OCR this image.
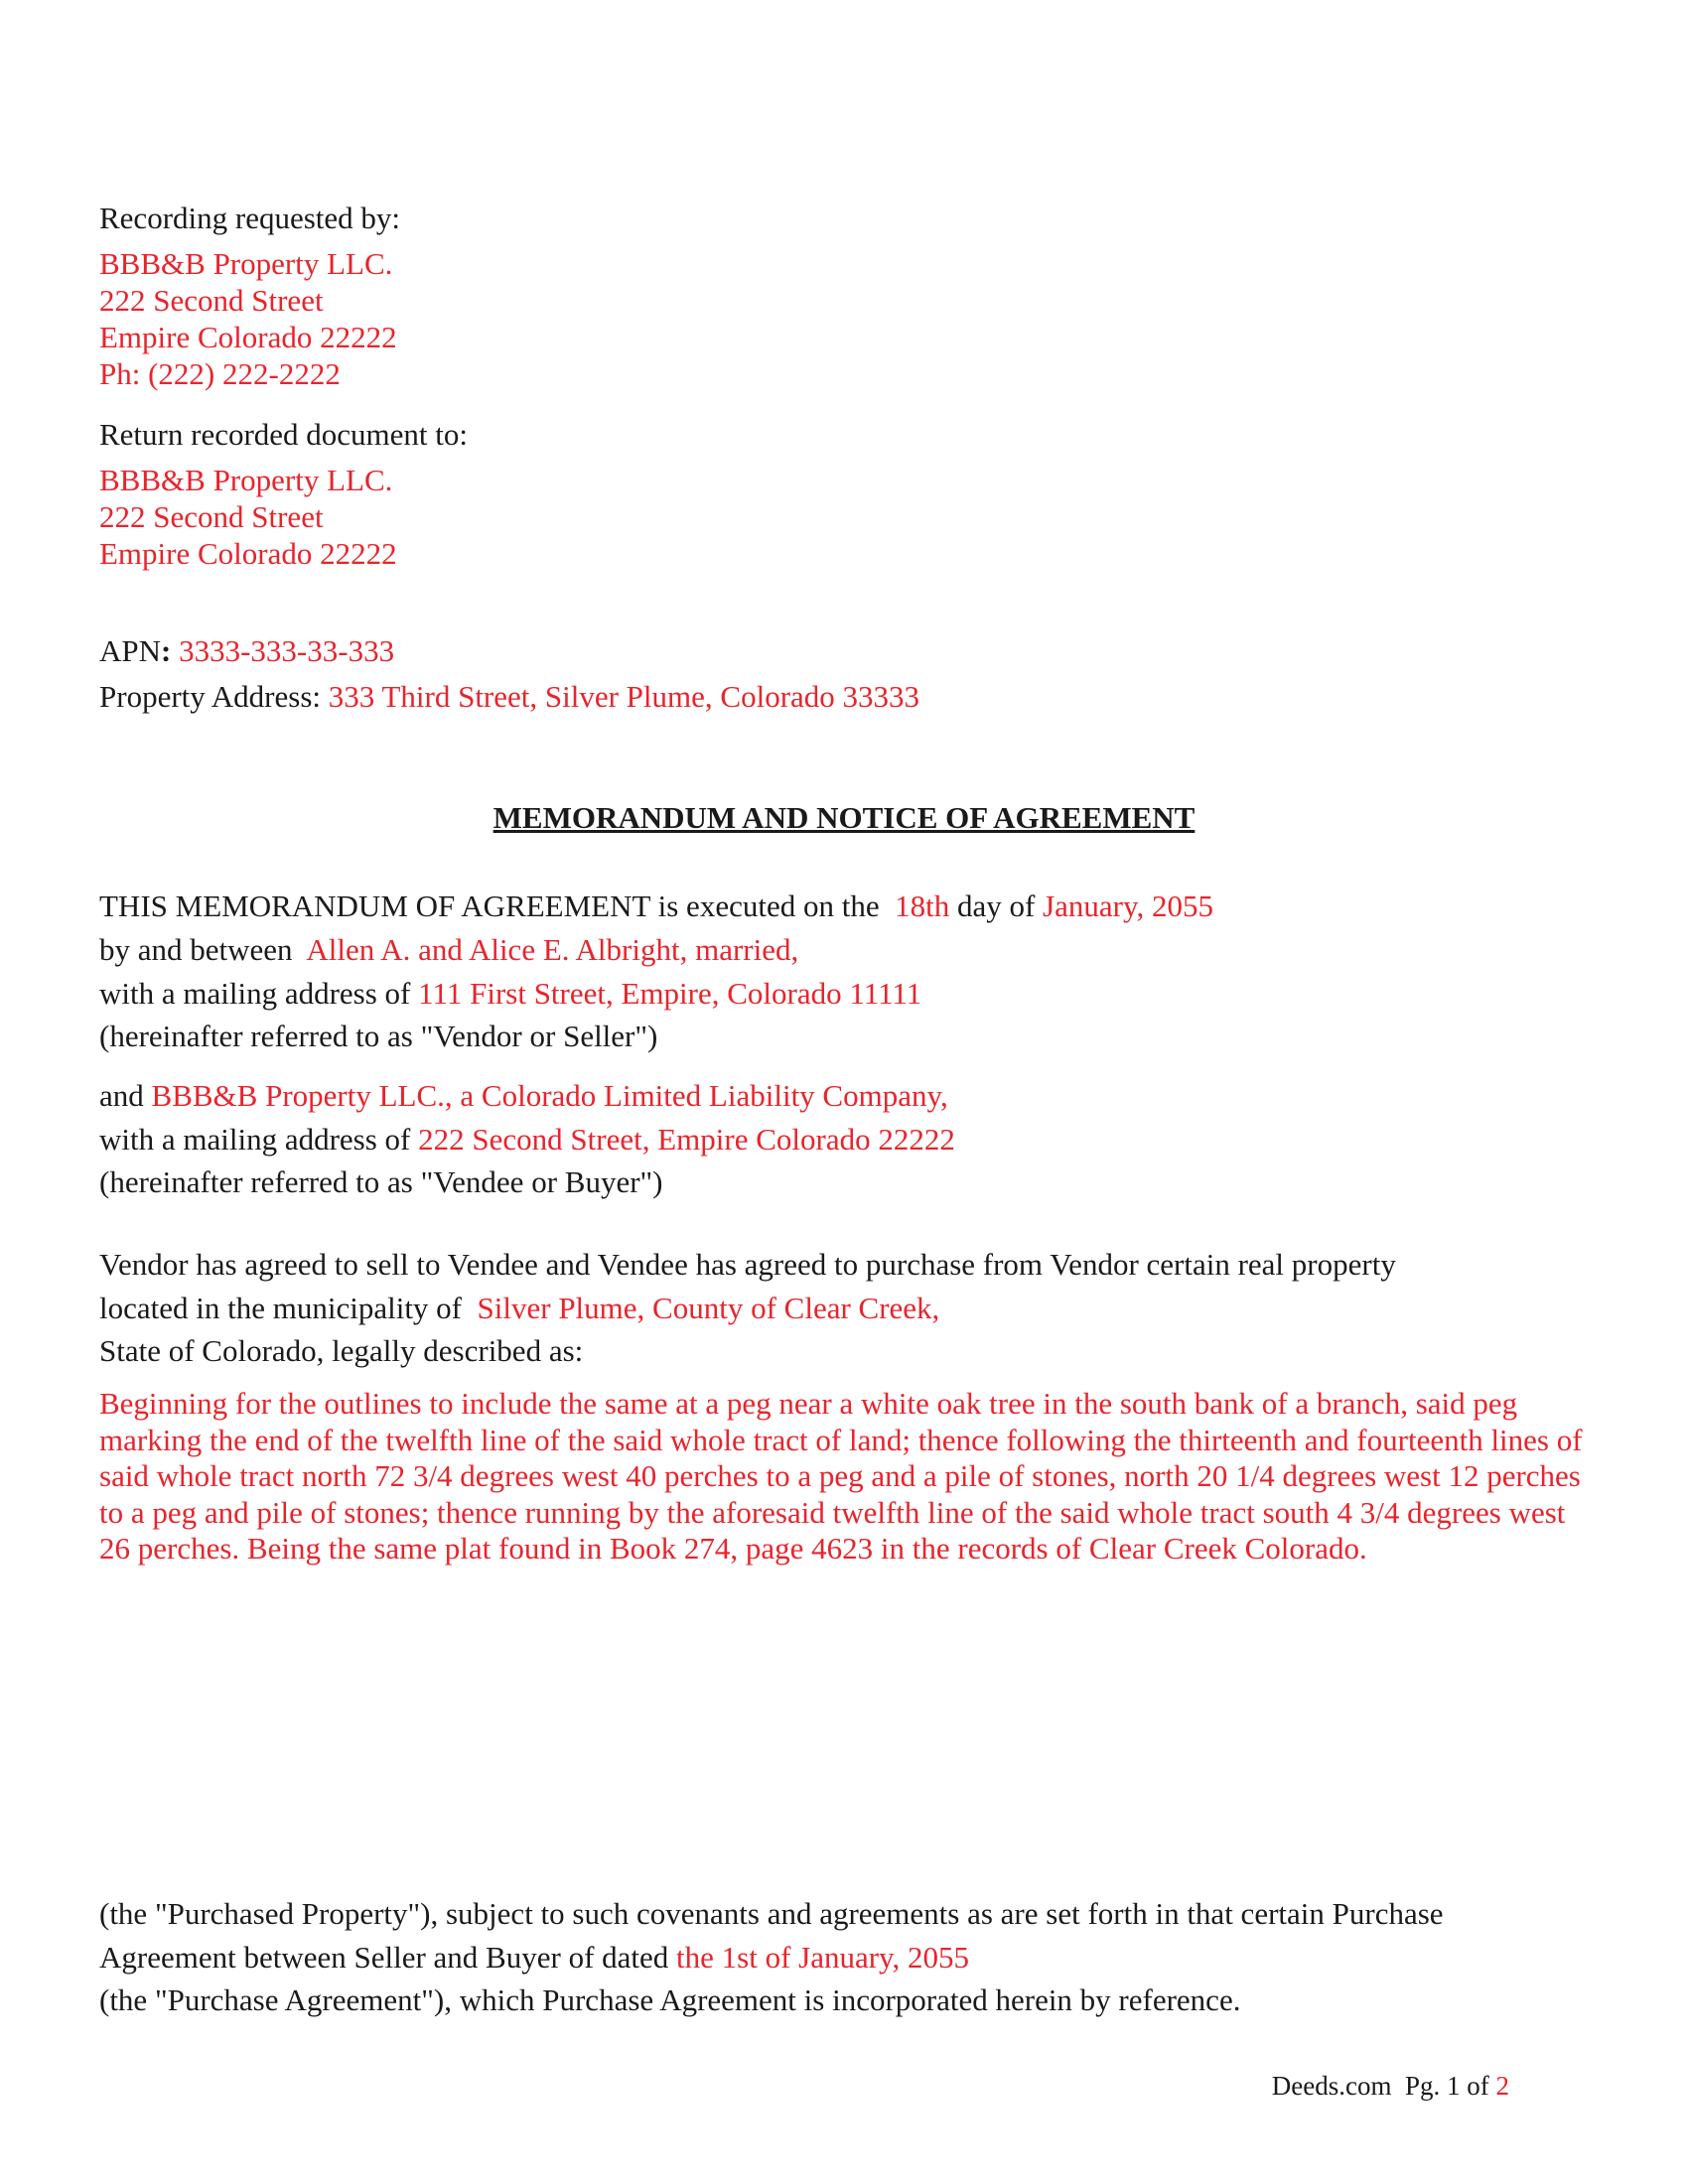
Recording requested by:
BBB&B Property LLC.
222 Second Street
Empire Colorado 22222
Ph: (222) 222-2222
Return recorded document to:
BBB&B Property LLC.
222 Second Street
Empire Colorado 22222
APN: 3333-333-33-333
Property Address: 333 Third Street, Silver Plume, Colorado 33333
MEMORANDUM AND NOTICE OF AGREEMENT
THIS MEMORANDUM OF AGREEMENT is executed on the 18th day of January, 2055
by and between Allen A. and Alice E. Albright, married,
with a mailing address of 111 First Street, Empire, Colorado 11111
(hereinafter referred to as "Vendor or Seller")
and BBB&B Property LLC., a Colorado Limited Liability Company,
with a mailing address of 222 Second Street, Empire Colorado 22222
(hereinafter referred to as "Vendee or Buyer")
Vendor has agreed to sell to Vendee and Vendee has agreed to purchase from Vendor certain real property
located in the municipality of Silver Plume, County of Clear Creek,
State of Colorado, legally described as:
Beginning for the outlines to include the same at a peg near a white oak tree in the south bank of a branch, said peg marking the end of the twelfth line of the said whole tract of land; thence following the thirteenth and fourteenth lines of said whole tract north 72 3/4 degrees west 40 perches to a peg and a pile of stones, north 20 1/4 degrees west 12 perches to a peg and pile of stones; thence running by the aforesaid twelfth line of the said whole tract south 4 3/4 degrees west 26 perches. Being the same plat found in Book 274, page 4623 in the records of Clear Creek Colorado.
(the "Purchased Property"), subject to such covenants and agreements as are set forth in that certain Purchase
Agreement between Seller and Buyer of dated the 1st of January, 2055
(the "Purchase Agreement"), which Purchase Agreement is incorporated herein by reference.
Deeds.com Pg. 1 of 2
